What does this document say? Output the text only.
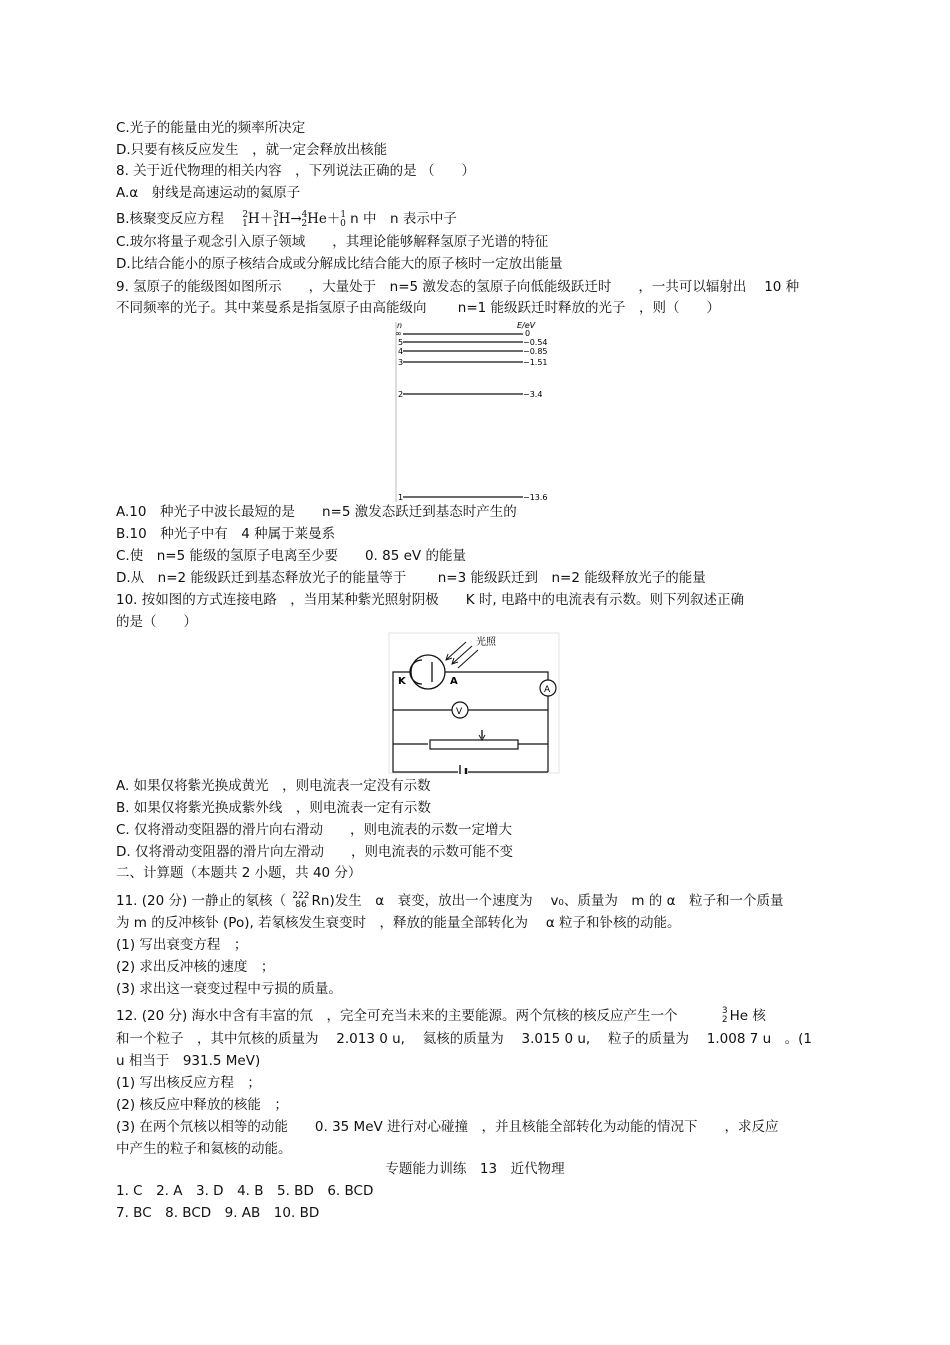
C.光子的能量由光的频率所决定
D.只要有核反应发生　，就一定会释放出核能
8. 关于近代物理的相关内容　，下列说法正确的是 （　　）
A.α　射线是高速运动的氦原子
B.核聚变反应方程 $^2_1$H＋$^3_1$H→$^4_2$He＋$^1_0$ n 中　n 表示中子
C.玻尔将量子观念引入原子领域　　，其理论能够解释氢原子光谱的特征
D.比结合能小的原子核结合成或分解成比结合能大的原子核时一定放出能量
9. 氢原子的能级图如图所示　　，大量处于　n=5 激发态的氢原子向低能级跃迁时　　，一共可以辐射出　 10 种
不同频率的光子。其中莱曼系是指氢原子由高能级向　　 n=1 能级跃迁时释放的光子　，则（　　）
n	E/eV
∞	0
5	−0.54
4	−0.85
3	−1.51
2	−3.4
1	−13.6
A.10　种光子中波长最短的是　　n=5 激发态跃迁到基态时产生的
B.10　种光子中有　4 种属于莱曼系
C.使　n=5 能级的氢原子电离至少要　　0. 85 eV 的能量
D.从　n=2 能级跃迁到基态释放光子的能量等于　　 n=3 能级跃迁到　n=2 能级释放光子的能量
10. 按如图的方式连接电路　，当用某种紫光照射阴极　　K 时, 电路中的电流表有示数。则下列叙述正确
的是（　　）
光照
K	A
A
V
A. 如果仅将紫光换成黄光　，则电流表一定没有示数
B. 如果仅将紫光换成紫外线　，则电流表一定有示数
C. 仅将滑动变阻器的滑片向右滑动　　，则电流表的示数一定增大
D. 仅将滑动变阻器的滑片向左滑动　　，则电流表的示数可能不变
二、计算题（本题共 2 小题，共 40 分）
11. (20 分) 一静止的氡核（ 222
86 Rn)发生　α　衰变，放出一个速度为　 v₀、质量为　m 的 α　粒子和一个质量
为 m 的反冲核钋 (Po), 若氡核发生衰变时　，释放的能量全部转化为　 α 粒子和钋核的动能。
(1) 写出衰变方程　；
(2) 求出反冲核的速度　；
(3) 求出这一衰变过程中亏损的质量。
12. (20 分) 海水中含有丰富的氘　，完全可充当未来的主要能源。两个氘核的核反应产生一个	3
2 He 核
和一个粒子　，其中氘核的质量为　 2.013 0 u,　 氦核的质量为　 3.015 0 u,　 粒子的质量为　 1.008 7 u　。(1
u 相当于　931.5 MeV)
(1) 写出核反应方程　；
(2) 核反应中释放的核能　；
(3) 在两个氘核以相等的动能　　0. 35 MeV 进行对心碰撞　，并且核能全部转化为动能的情况下　　，求反应
中产生的粒子和氦核的动能。
专题能力训练　13　近代物理
1. C　2. A　3. D　4. B　5. BD　6. BCD
7. BC　8. BCD　9. AB　10. BD
